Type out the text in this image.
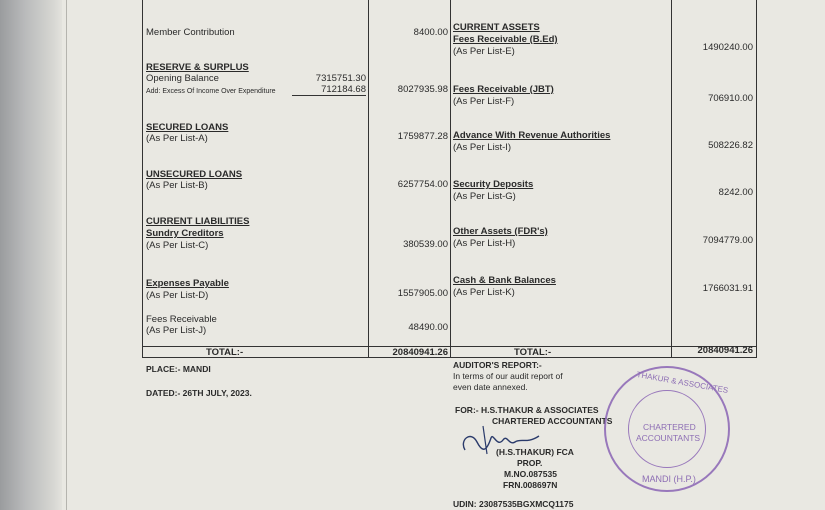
Member Contribution	8400.00
RESERVE & SURPLUS
Opening Balance	7315751.30
Add: Excess Of Income Over Expenditure	712184.68	8027935.98
SECURED LOANS
(As Per List-A)	1759877.28
UNSECURED LOANS
(As Per List-B)	6257754.00
CURRENT LIABILITIES
Sundry Creditors
(As Per List-C)	380539.00
Expenses Payable
(As Per List-D)	1557905.00
Fees Receivable
(As Per List-J)	48490.00
TOTAL:-	20840941.26
CURRENT ASSETS
Fees Receivable (B.Ed)
(As Per List-E)	1490240.00
Fees Receivable (JBT)
(As Per List-F)	706910.00
Advance With Revenue Authorities
(As Per List-I)	508226.82
Security Deposits
(As Per List-G)	8242.00
Other Assets (FDR's)
(As Per List-H)	7094779.00
Cash & Bank Balances
(As Per List-K)	1766031.91
TOTAL:-	20840941.26
PLACE:- MANDI
DATED:- 26TH JULY, 2023.
AUDITOR'S REPORT:-
In terms of our audit report of
even date annexed.
FOR:- H.S.THAKUR & ASSOCIATES
CHARTERED ACCOUNTANTS
(H.S.THAKUR) FCA
PROP.
M.NO.087535
FRN.008697N
UDIN: 23087535BGXMCQ1175
THAKUR & ASSOCIATES
CHARTERED
ACCOUNTANTS
MANDI (H.P.)
